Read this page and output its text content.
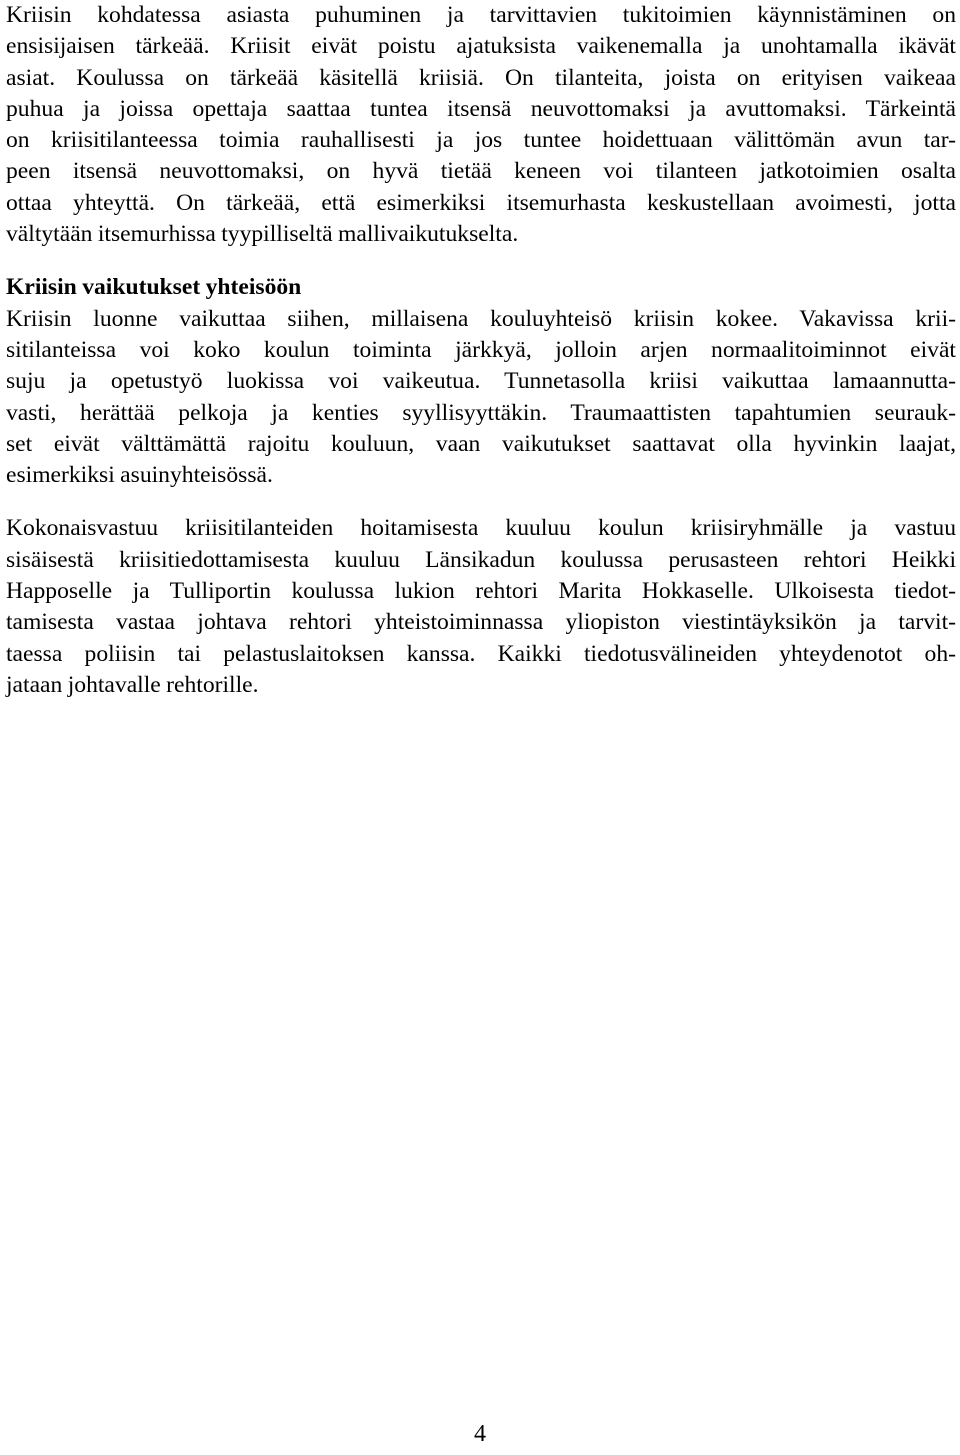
Kriisin kohdatessa asiasta puhuminen ja tarvittavien tukitoimien käynnistäminen on
ensisijaisen tärkeää. Kriisit eivät poistu ajatuksista vaikenemalla ja unohtamalla ikävät
asiat. Koulussa on tärkeää käsitellä kriisiä. On tilanteita, joista on erityisen vaikeaa
puhua ja joissa opettaja saattaa tuntea itsensä neuvottomaksi ja avuttomaksi. Tärkeintä
on kriisitilanteessa toimia rauhallisesti ja jos tuntee hoidettuaan välittömän avun tar-
peen itsensä neuvottomaksi, on hyvä tietää keneen voi tilanteen jatkotoimien osalta
ottaa yhteyttä. On tärkeää, että esimerkiksi itsemurhasta keskustellaan avoimesti, jotta
vältytään itsemurhissa tyypilliseltä mallivaikutukselta.
Kriisin vaikutukset yhteisöön
Kriisin luonne vaikuttaa siihen, millaisena kouluyhteisö kriisin kokee. Vakavissa krii-
sitilanteissa voi koko koulun toiminta järkkyä, jolloin arjen normaalitoiminnot eivät
suju ja opetustyö luokissa voi vaikeutua. Tunnetasolla kriisi vaikuttaa lamaannutta-
vasti, herättää pelkoja ja kenties syyllisyyttäkin. Traumaattisten tapahtumien seurauk-
set eivät välttämättä rajoitu kouluun, vaan vaikutukset saattavat olla hyvinkin laajat,
esimerkiksi asuinyhteisössä.
Kokonaisvastuu kriisitilanteiden hoitamisesta kuuluu koulun kriisiryhmälle ja vastuu
sisäisestä kriisitiedottamisesta kuuluu Länsikadun koulussa perusasteen rehtori Heikki
Happoselle ja Tulliportin koulussa lukion rehtori Marita Hokkaselle. Ulkoisesta tiedot-
tamisesta vastaa johtava rehtori yhteistoiminnassa yliopiston viestintäyksikön ja tarvit-
taessa poliisin tai pelastuslaitoksen kanssa. Kaikki tiedotusvälineiden yhteydenotot oh-
jataan johtavalle rehtorille.
4
